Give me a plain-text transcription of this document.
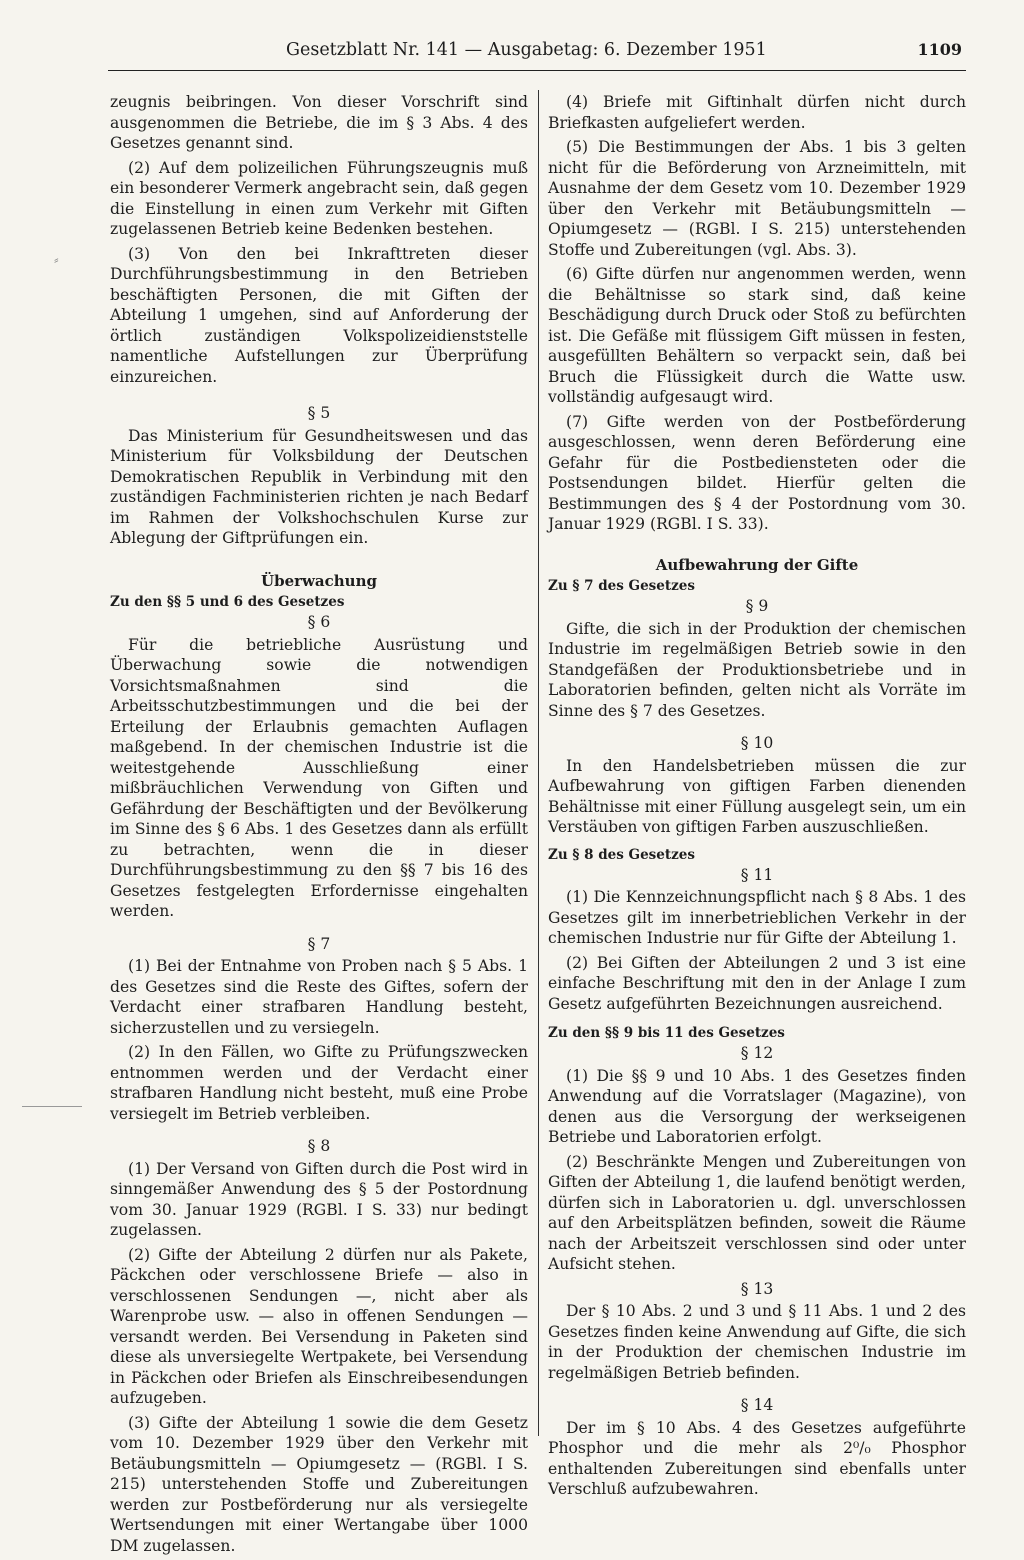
Gesetzblatt Nr. 141 — Ausgabetag: 6. Dezember 1951	1109
⸗

zeugnis beibringen. Von dieser Vorschrift sind ausgenommen die Betriebe, die im § 3 Abs. 4 des Gesetzes genannt sind.

(2) Auf dem polizeilichen Führungszeugnis muß ein besonderer Vermerk angebracht sein, daß gegen die Einstellung in einen zum Verkehr mit Giften zugelassenen Betrieb keine Bedenken bestehen.

(3) Von den bei Inkrafttreten dieser Durchführungsbestimmung in den Betrieben beschäftigten Personen, die mit Giften der Abteilung 1 umgehen, sind auf Anforderung der örtlich zuständigen Volkspolizeidienststelle namentliche Aufstellungen zur Überprüfung einzureichen.

§ 5

Das Ministerium für Gesundheitswesen und das Ministerium für Volksbildung der Deutschen Demokratischen Republik in Verbindung mit den zuständigen Fachministerien richten je nach Bedarf im Rahmen der Volkshochschulen Kurse zur Ablegung der Giftprüfungen ein.

Überwachung

Zu den §§ 5 und 6 des Gesetzes

§ 6

Für die betriebliche Ausrüstung und Überwachung sowie die notwendigen Vorsichtsmaßnahmen sind die Arbeitsschutzbestimmungen und die bei der Erteilung der Erlaubnis gemachten Auflagen maßgebend. In der chemischen Industrie ist die weitestgehende Ausschließung einer mißbräuchlichen Verwendung von Giften und Gefährdung der Beschäftigten und der Bevölkerung im Sinne des § 6 Abs. 1 des Gesetzes dann als erfüllt zu betrachten, wenn die in dieser Durchführungsbestimmung zu den §§ 7 bis 16 des Gesetzes festgelegten Erfordernisse eingehalten werden.

§ 7

(1) Bei der Entnahme von Proben nach § 5 Abs. 1 des Gesetzes sind die Reste des Giftes, sofern der Verdacht einer strafbaren Handlung besteht, sicherzustellen und zu versiegeln.

(2) In den Fällen, wo Gifte zu Prüfungszwecken entnommen werden und der Verdacht einer strafbaren Handlung nicht besteht, muß eine Probe versiegelt im Betrieb verbleiben.

§ 8

(1) Der Versand von Giften durch die Post wird in sinngemäßer Anwendung des § 5 der Postordnung vom 30. Januar 1929 (RGBl. I S. 33) nur bedingt zugelassen.

(2) Gifte der Abteilung 2 dürfen nur als Pakete, Päckchen oder verschlossene Briefe — also in verschlossenen Sendungen —, nicht aber als Warenprobe usw. — also in offenen Sendungen — versandt werden. Bei Versendung in Paketen sind diese als unversiegelte Wertpakete, bei Versendung in Päckchen oder Briefen als Einschreibesendungen aufzugeben.

(3) Gifte der Abteilung 1 sowie die dem Gesetz vom 10. Dezember 1929 über den Verkehr mit Betäubungsmitteln — Opiumgesetz — (RGBl. I S. 215) unterstehenden Stoffe und Zubereitungen werden zur Postbeförderung nur als versiegelte Wertsendungen mit einer Wertangabe über 1000 DM zugelassen.

(4) Briefe mit Giftinhalt dürfen nicht durch Briefkasten aufgeliefert werden.

(5) Die Bestimmungen der Abs. 1 bis 3 gelten nicht für die Beförderung von Arzneimitteln, mit Ausnahme der dem Gesetz vom 10. Dezember 1929 über den Verkehr mit Betäubungsmitteln — Opiumgesetz — (RGBl. I S. 215) unterstehenden Stoffe und Zubereitungen (vgl. Abs. 3).

(6) Gifte dürfen nur angenommen werden, wenn die Behältnisse so stark sind, daß keine Beschädigung durch Druck oder Stoß zu befürchten ist. Die Gefäße mit flüssigem Gift müssen in festen, ausgefüllten Behältern so verpackt sein, daß bei Bruch die Flüssigkeit durch die Watte usw. vollständig aufgesaugt wird.

(7) Gifte werden von der Postbeförderung ausgeschlossen, wenn deren Beförderung eine Gefahr für die Postbediensteten oder die Postsendungen bildet. Hierfür gelten die Bestimmungen des § 4 der Postordnung vom 30. Januar 1929 (RGBl. I S. 33).

Aufbewahrung der Gifte

Zu § 7 des Gesetzes

§ 9

Gifte, die sich in der Produktion der chemischen Industrie im regelmäßigen Betrieb sowie in den Standgefäßen der Produktionsbetriebe und in Laboratorien befinden, gelten nicht als Vorräte im Sinne des § 7 des Gesetzes.

§ 10

In den Handelsbetrieben müssen die zur Aufbewahrung von giftigen Farben dienenden Behältnisse mit einer Füllung ausgelegt sein, um ein Verstäuben von giftigen Farben auszuschließen.

Zu § 8 des Gesetzes

§ 11

(1) Die Kennzeichnungspflicht nach § 8 Abs. 1 des Gesetzes gilt im innerbetrieblichen Verkehr in der chemischen Industrie nur für Gifte der Abteilung 1.

(2) Bei Giften der Abteilungen 2 und 3 ist eine einfache Beschriftung mit den in der Anlage I zum Gesetz aufgeführten Bezeichnungen ausreichend.

Zu den §§ 9 bis 11 des Gesetzes

§ 12

(1) Die §§ 9 und 10 Abs. 1 des Gesetzes finden Anwendung auf die Vorratslager (Magazine), von denen aus die Versorgung der werkseigenen Betriebe und Laboratorien erfolgt.

(2) Beschränkte Mengen und Zubereitungen von Giften der Abteilung 1, die laufend benötigt werden, dürfen sich in Laboratorien u. dgl. unverschlossen auf den Arbeitsplätzen befinden, soweit die Räume nach der Arbeitszeit verschlossen sind oder unter Aufsicht stehen.

§ 13

Der § 10 Abs. 2 und 3 und § 11 Abs. 1 und 2 des Gesetzes finden keine Anwendung auf Gifte, die sich in der Produktion der chemischen Industrie im regelmäßigen Betrieb befinden.

§ 14

Der im § 10 Abs. 4 des Gesetzes aufgeführte Phosphor und die mehr als 2⁰/₀ Phosphor enthaltenden Zubereitungen sind ebenfalls unter Verschluß aufzubewahren.
